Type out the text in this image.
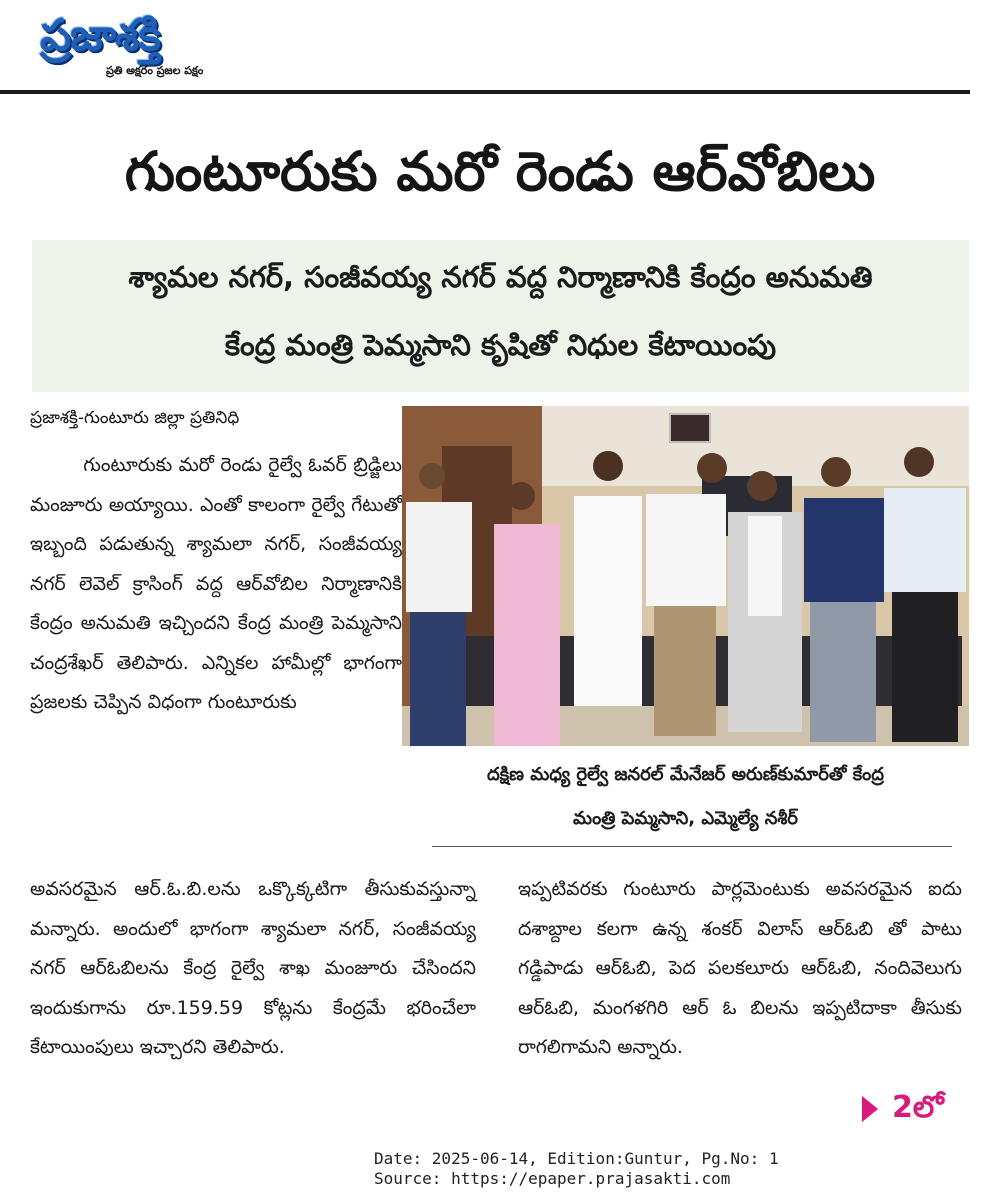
ప్రజాశక్తి
ప్రతి అక్షరం ప్రజల పక్షం
గుంటూరుకు మరో రెండు ఆర్‌వోబిలు
శ్యామల నగర్‌, సంజీవయ్య నగర్‌ వద్ద నిర్మాణానికి కేంద్రం అనుమతి
కేంద్ర మంత్రి పెమ్మసాని కృషితో నిధుల కేటాయింపు
ప్రజాశక్తి-గుంటూరు జిల్లా ప్రతినిధి

గుంటూరుకు మరో రెండు రైల్వే ఓవర్‌ బ్రిడ్జిలు మంజూరు అయ్యాయి. ఎంతో కాలంగా రైల్వే గేటుతో ఇబ్బంది పడుతున్న శ్యామలా నగర్‌, సంజీవయ్య నగర్‌ లెవెల్‌ క్రాసింగ్‌ వద్ద ఆర్‌వోబిల నిర్మాణానికి కేంద్రం అనుమతి ఇచ్చిందని కేంద్ర మంత్రి పెమ్మసాని చంద్రశేఖర్‌ తెలిపారు. ఎన్నికల హామీల్లో భాగంగా ప్రజలకు చెప్పిన విధంగా గుంటూరుకు

దక్షిణ మధ్య రైల్వే జనరల్‌ మేనేజర్‌ అరుణ్‌కుమార్‌తో కేంద్ర
మంత్రి పెమ్మసాని, ఎమ్మెల్యే నశీర్‌

అవసరమైన ఆర్‌.ఓ.బి.లను ఒక్కొక్కటిగా తీసుకువస్తున్నా మన్నారు. అందులో భాగంగా శ్యామలా నగర్‌, సంజీవయ్య నగర్‌ ఆర్‌ఓబిలను కేంద్ర రైల్వే శాఖ మంజూరు చేసిందని ఇందుకుగాను రూ.159.59 కోట్లను కేంద్రమే భరించేలా కేటాయింపులు ఇచ్చారని తెలిపారు.

ఇప్పటివరకు గుంటూరు పార్లమెంటుకు అవసరమైన ఐదు దశాబ్దాల కలగా ఉన్న శంకర్‌ విలాస్‌ ఆర్‌ఓబి తో పాటు గడ్డిపాడు ఆర్‌ఓబి, పెద పలకలూరు ఆర్‌ఓబి, నందివెలుగు ఆర్‌ఓబి, మంగళగిరి ఆర్‌ ఓ బిలను ఇప్పటిదాకా తీసుకు రాగలిగామని అన్నారు.

2లో
Date: 2025-06-14, Edition:Guntur, Pg.No: 1
Source: https://epaper.prajasakti.com
